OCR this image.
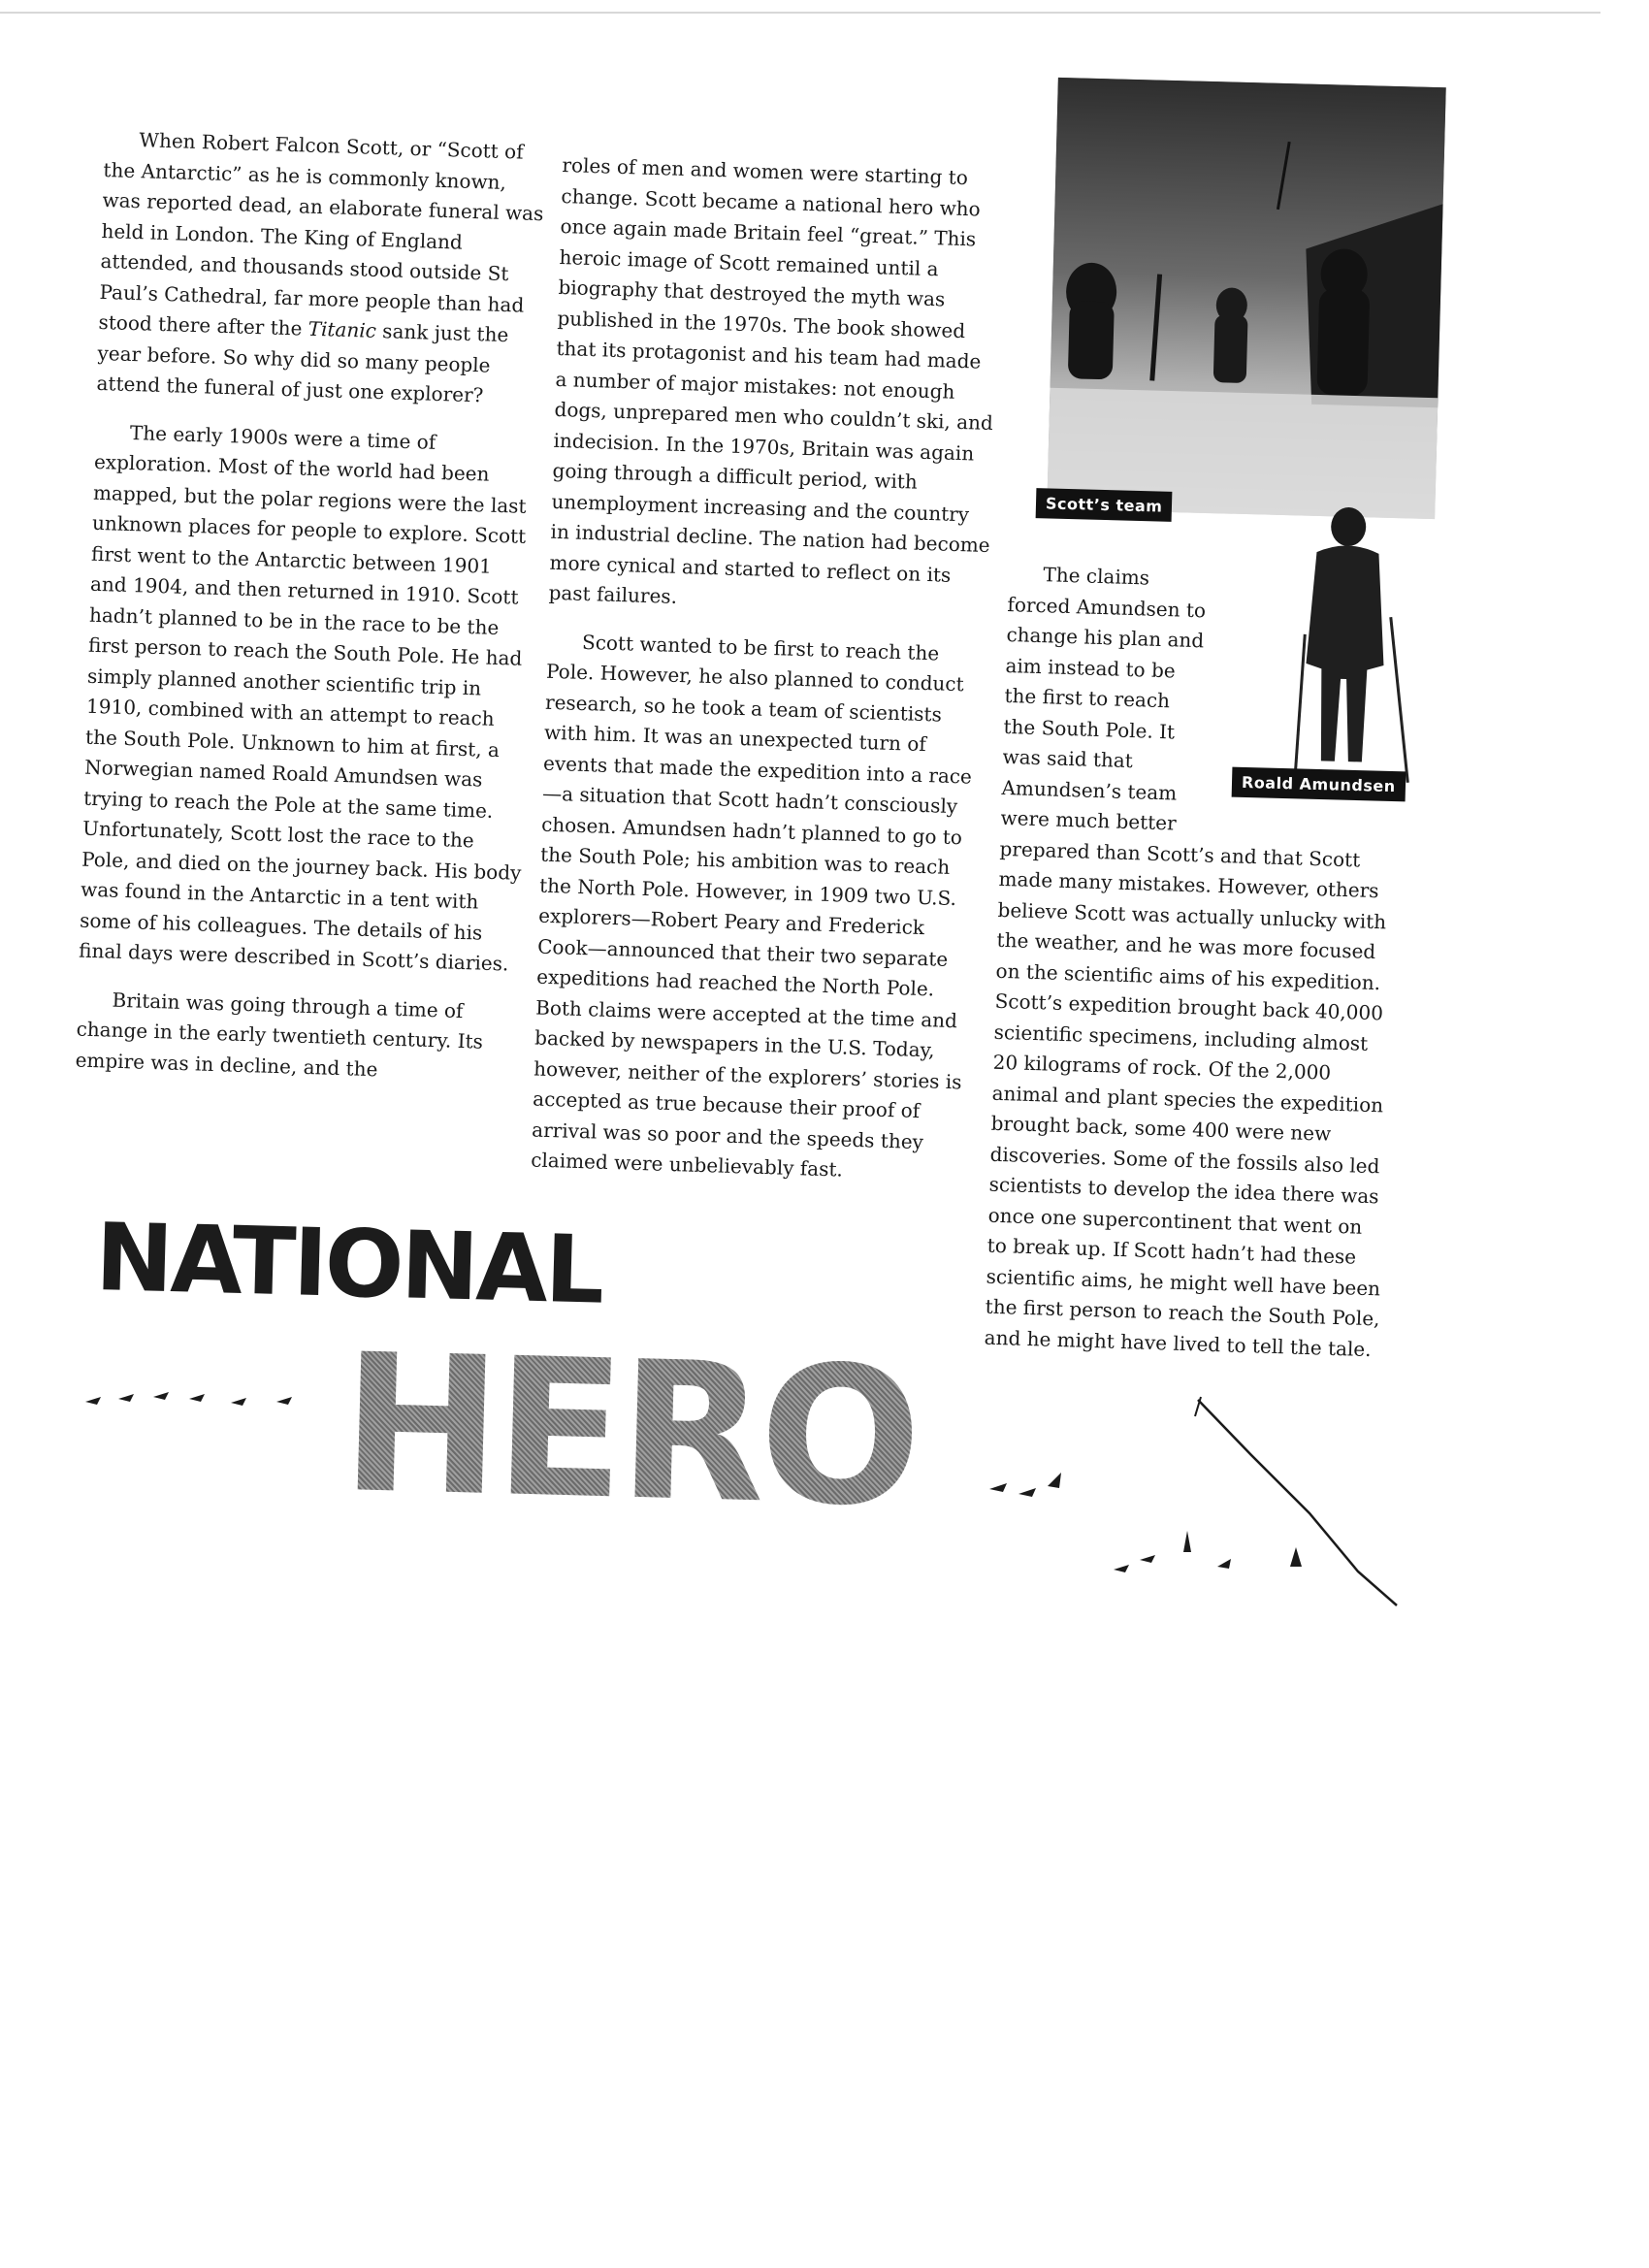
When Robert Falcon Scott, or “Scott of the Antarctic” as he is commonly known, was reported dead, an elaborate funeral was held in London. The King of England attended, and thousands stood outside St Paul’s Cathedral, far more people than had stood there after the Titanic sank just the year before. So why did so many people attend the funeral of just one explorer?

The early 1900s were a time of exploration. Most of the world had been mapped, but the polar regions were the last unknown places for people to explore. Scott first went to the Antarctic between 1901 and 1904, and then returned in 1910. Scott hadn’t planned to be in the race to be the first person to reach the South Pole. He had simply planned another scientific trip in 1910, combined with an attempt to reach the South Pole. Unknown to him at first, a Norwegian named Roald Amundsen was trying to reach the Pole at the same time. Unfortunately, Scott lost the race to the Pole, and died on the journey back. His body was found in the Antarctic in a tent with some of his colleagues. The details of his final days were described in Scott’s diaries.

Britain was going through a time of change in the early twentieth century. Its empire was in decline, and the

roles of men and women were starting to change. Scott became a national hero who once again made Britain feel “great.” This heroic image of Scott remained until a biography that destroyed the myth was published in the 1970s. The book showed that its protagonist and his team had made a number of major mistakes: not enough dogs, unprepared men who couldn’t ski, and indecision. In the 1970s, Britain was again going through a difficult period, with unemployment increasing and the country in industrial decline. The nation had become more cynical and started to reflect on its past failures.

Scott wanted to be first to reach the Pole. However, he also planned to conduct research, so he took a team of scientists with him. It was an unexpected turn of events that made the expedition into a race—a situation that Scott hadn’t consciously chosen. Amundsen hadn’t planned to go to the South Pole; his ambition was to reach the North Pole. However, in 1909 two U.S. explorers—Robert Peary and Frederick Cook—announced that their two separate expeditions had reached the North Pole. Both claims were accepted at the time and backed by newspapers in the U.S. Today, however, neither of the explorers’ stories is accepted as true because their proof of arrival was so poor and the speeds they claimed were unbelievably fast.

Scott’s team
Roald Amundsen

The claims forced Amundsen to change his plan and aim instead to be the first to reach the South Pole. It was said that Amundsen’s team were much better

prepared than Scott’s and that Scott made many mistakes. However, others believe Scott was actually unlucky with the weather, and he was more focused on the scientific aims of his expedition. Scott’s expedition brought back 40,000 scientific specimens, including almost 20 kilograms of rock. Of the 2,000 animal and plant species the expedition brought back, some 400 were new discoveries. Some of the fossils also led scientists to develop the idea there was once one supercontinent that went on to break up. If Scott hadn’t had these scientific aims, he might well have been the first person to reach the South Pole, and he might have lived to tell the tale.

NATIONAL
HERO
